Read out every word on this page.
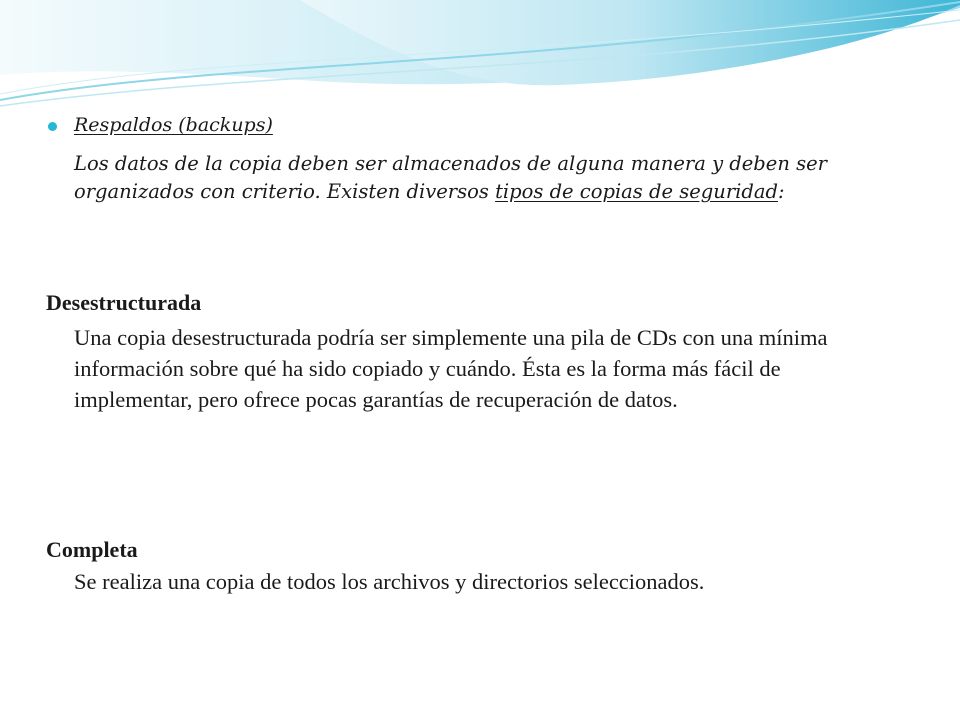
Respaldos (backups)
Los datos de la copia deben ser almacenados de alguna manera y deben ser organizados con criterio. Existen diversos tipos de copias de seguridad:
Desestructurada
Una copia desestructurada podría ser simplemente una pila de CDs con una mínima información sobre qué ha sido copiado y cuándo. Ésta es la forma más fácil de implementar, pero ofrece pocas garantías de recuperación de datos.
Completa
Se realiza una copia de todos los archivos y directorios seleccionados.
